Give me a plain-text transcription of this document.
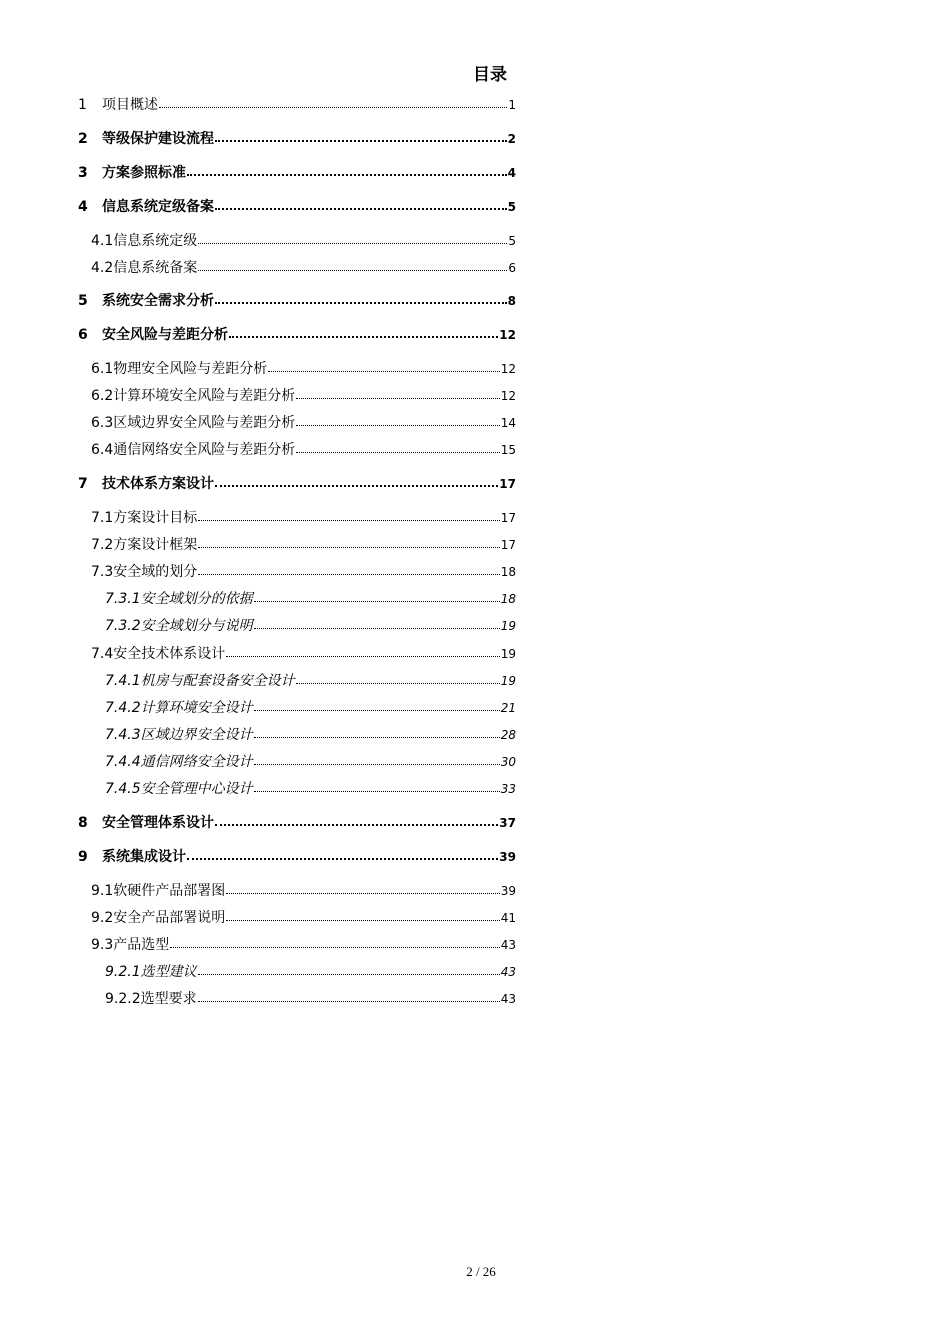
目录
1	项目概述	1
2	等级保护建设流程	2
3	方案参照标准	4
4	信息系统定级备案	5
4.1 信息系统定级	5
4.2 信息系统备案	6
5	系统安全需求分析	8
6	安全风险与差距分析	12
6.1 物理安全风险与差距分析	12
6.2 计算环境安全风险与差距分析	12
6.3 区域边界安全风险与差距分析	14
6.4 通信网络安全风险与差距分析	15
7	技术体系方案设计	17
7.1 方案设计目标	17
7.2 方案设计框架	17
7.3 安全域的划分	18
7.3.1 安全域划分的依据	18
7.3.2 安全域划分与说明	19
7.4 安全技术体系设计	19
7.4.1 机房与配套设备安全设计	19
7.4.2 计算环境安全设计	21
7.4.3 区域边界安全设计	28
7.4.4 通信网络安全设计	30
7.4.5 安全管理中心设计	33
8	安全管理体系设计	37
9	系统集成设计	39
9.1 软硬件产品部署图	39
9.2 安全产品部署说明	41
9.3 产品选型	43
9.2.1 选型建议	43
9.2.2 选型要求	43
2 / 26
